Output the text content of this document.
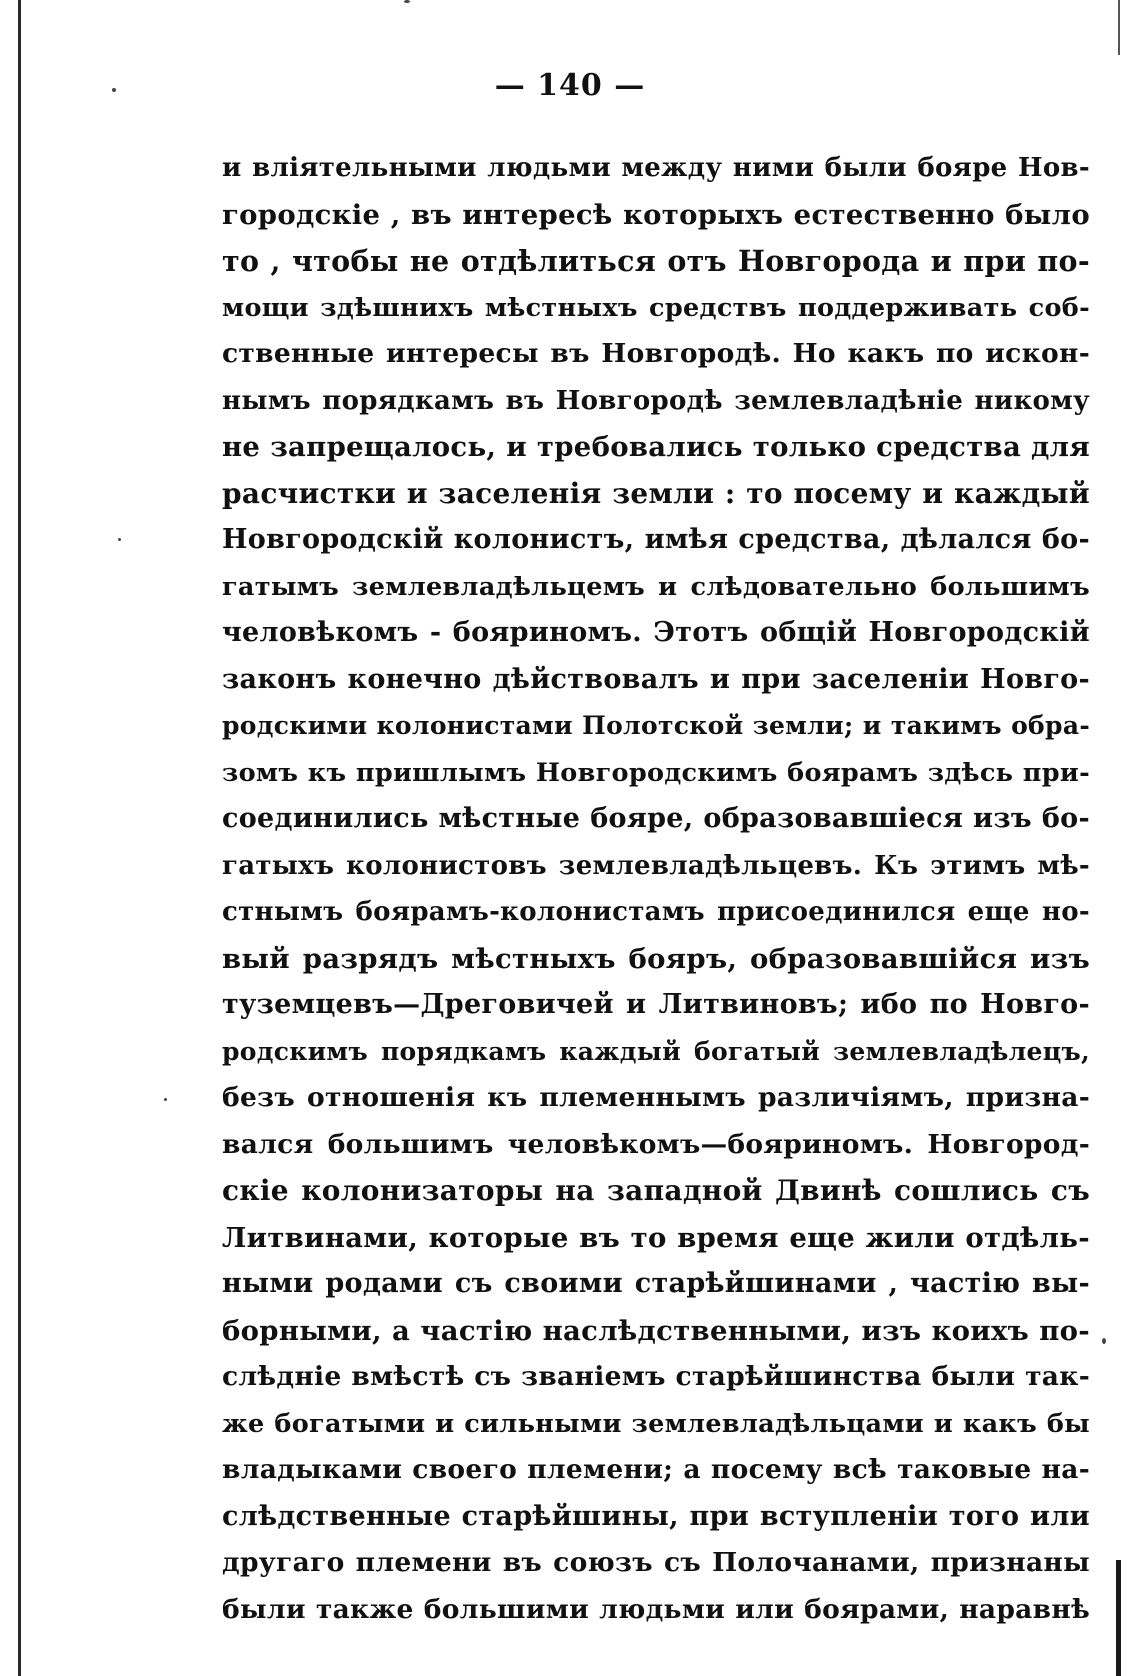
— 140 —
и вліятельными людьми между ними были бояре Нов-
городскіе , въ интересѣ которыхъ естественно было
то , чтобы не отдѣлиться отъ Новгорода и при по-
мощи здѣшнихъ мѣстныхъ средствъ поддерживать соб-
ственные интересы въ Новгородѣ. Но какъ по искон-
нымъ порядкамъ въ Новгородѣ землевладѣніе никому
не запрещалось, и требовались только средства для
расчистки и заселенія земли : то посему и каждый
Новгородскій колонистъ, имѣя средства, дѣлался бо-
гатымъ землевладѣльцемъ и слѣдовательно большимъ
человѣкомъ - бояриномъ. Этотъ общій Новгородскій
законъ конечно дѣйствовалъ и при заселеніи Новго-
родскими колонистами Полотской земли; и такимъ обра-
зомъ къ пришлымъ Новгородскимъ боярамъ здѣсь при-
соединились мѣстные бояре, образовавшіеся изъ бо-
гатыхъ колонистовъ землевладѣльцевъ. Къ этимъ мѣ-
стнымъ боярамъ-колонистамъ присоединился еще но-
вый разрядъ мѣстныхъ бояръ, образовавшійся изъ
туземцевъ—Дреговичей и Литвиновъ; ибо по Новго-
родскимъ порядкамъ каждый богатый землевладѣлецъ,
безъ отношенія къ племеннымъ различіямъ, призна-
вался большимъ человѣкомъ—бояриномъ. Новгород-
скіе колонизаторы на западной Двинѣ сошлись съ
Литвинами, которые въ то время еще жили отдѣль-
ными родами съ своими старѣйшинами , частію вы-
борными, а частію наслѣдственными, изъ коихъ по-
слѣдніе вмѣстѣ съ званіемъ старѣйшинства были так-
же богатыми и сильными землевладѣльцами и какъ бы
владыками своего племени; а посему всѣ таковые на-
слѣдственные старѣйшины, при вступленіи того или
другаго племени въ союзъ съ Полочанами, признаны
были также большими людьми или боярами, наравнѣ
